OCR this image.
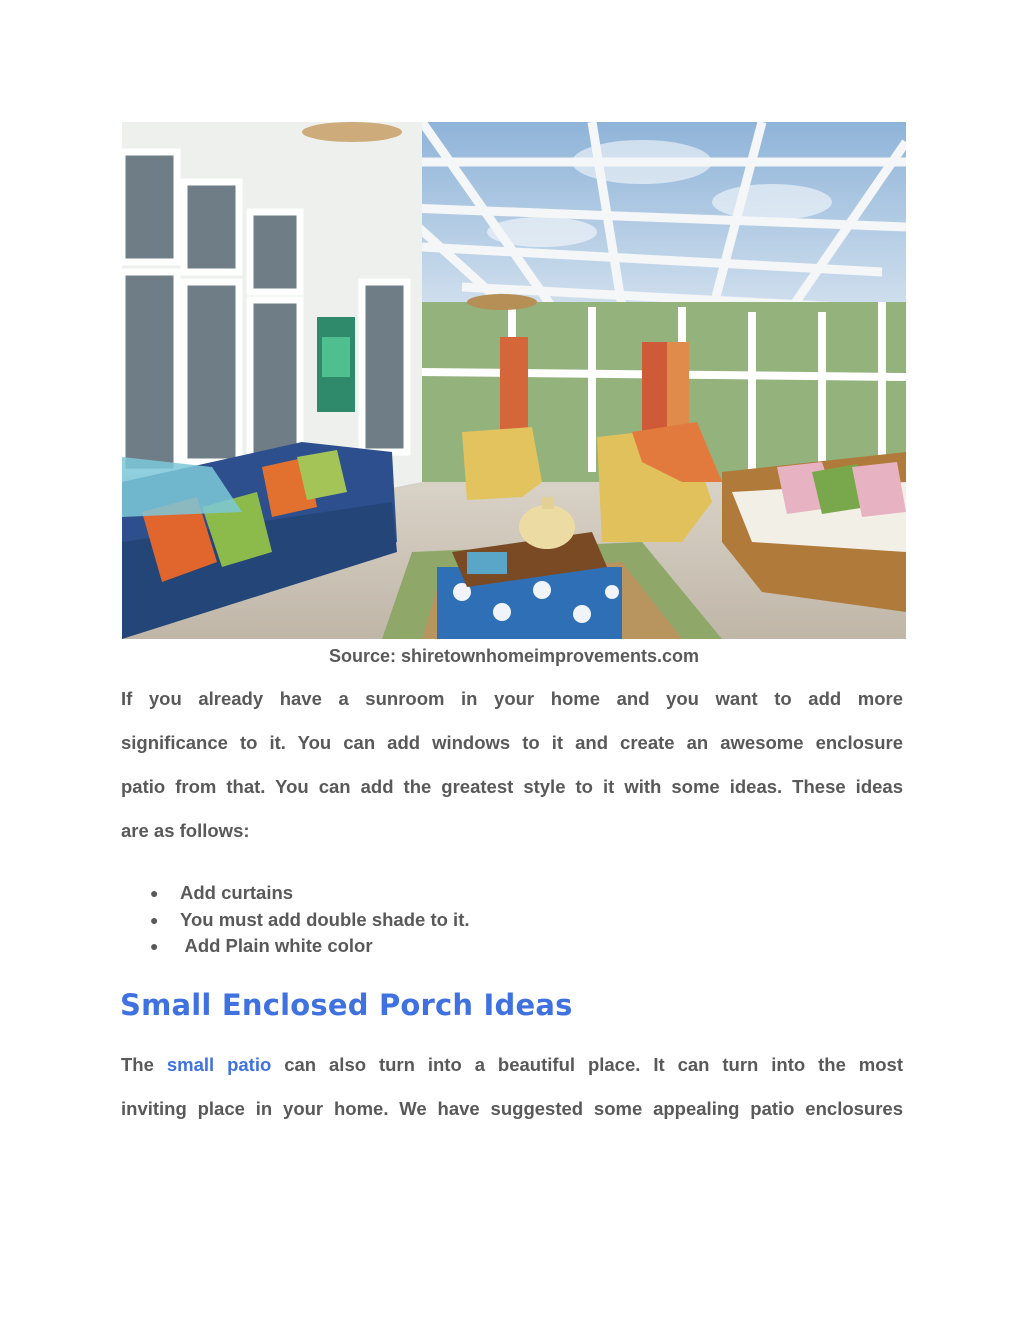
Source: shiretownhomeimprovements.com

If you already have a sunroom in your home and you want to add more
significance to it. You can add windows to it and create an awesome enclosure
patio from that. You can add the greatest style to it with some ideas. These ideas
are as follows:

● Add curtains
● You must add double shade to it.
● Add Plain white color
Small Enclosed Porch Ideas

The small patio can also turn into a beautiful place. It can turn into the most
inviting place in your home. We have suggested some appealing patio enclosures
